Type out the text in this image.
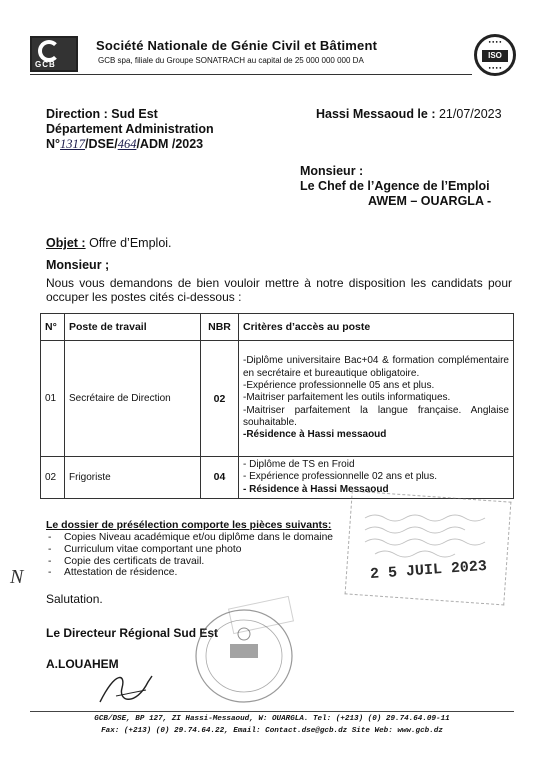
GCB
Société Nationale de Génie Civil et Bâtiment
GCB spa, filiale du Groupe SONATRACH au capital de 25 000 000 000 DA
● ● ● ●
ISO
● ● ● ●
Direction : Sud Est
Département Administration
N°1317/DSE/464/ADM /2023
Hassi Messaoud le : 21/07/2023
Monsieur :
Le Chef de l’Agence de l’Emploi
AWEM – OUARGLA -
Objet : Offre d’Emploi.
Monsieur ;
Nous vous demandons de bien vouloir mettre à notre disposition les candidats pour occuper les postes cités ci-dessous :
N°	Poste de travail	NBR	Critères d’accès au poste
01	Secrétaire de Direction	02	-Diplôme universitaire Bac+04 & formation complémentaire en secrétaire et bureautique obligatoire.
-Expérience professionnelle 05 ans et plus.
-Maitriser parfaitement les outils informatiques.
-Maitriser parfaitement la langue française. Anglaise souhaitable.
-Résidence à Hassi messaoud

02	Frigoriste	04	- Diplôme de TS en Froid
- Expérience professionnelle 02 ans et plus.
- Résidence à Hassi Messaoud
Le dossier de présélection comporte les pièces suivants:
- Copies Niveau académique et/ou diplôme dans le domaine
- Curriculum vitae comportant une photo
- Copie des certificats de travail.
- Attestation de résidence.	2 5 JUIL 2023
N
Salutation.
Le Directeur Régional Sud Est
A.LOUAHEM
GCB/DSE, BP 127, ZI Hassi-Messaoud, W: OUARGLA. Tel: (+213) (0) 29.74.64.09-11
Fax: (+213) (0) 29.74.64.22, Email: Contact.dse@gcb.dz Site Web: www.gcb.dz
